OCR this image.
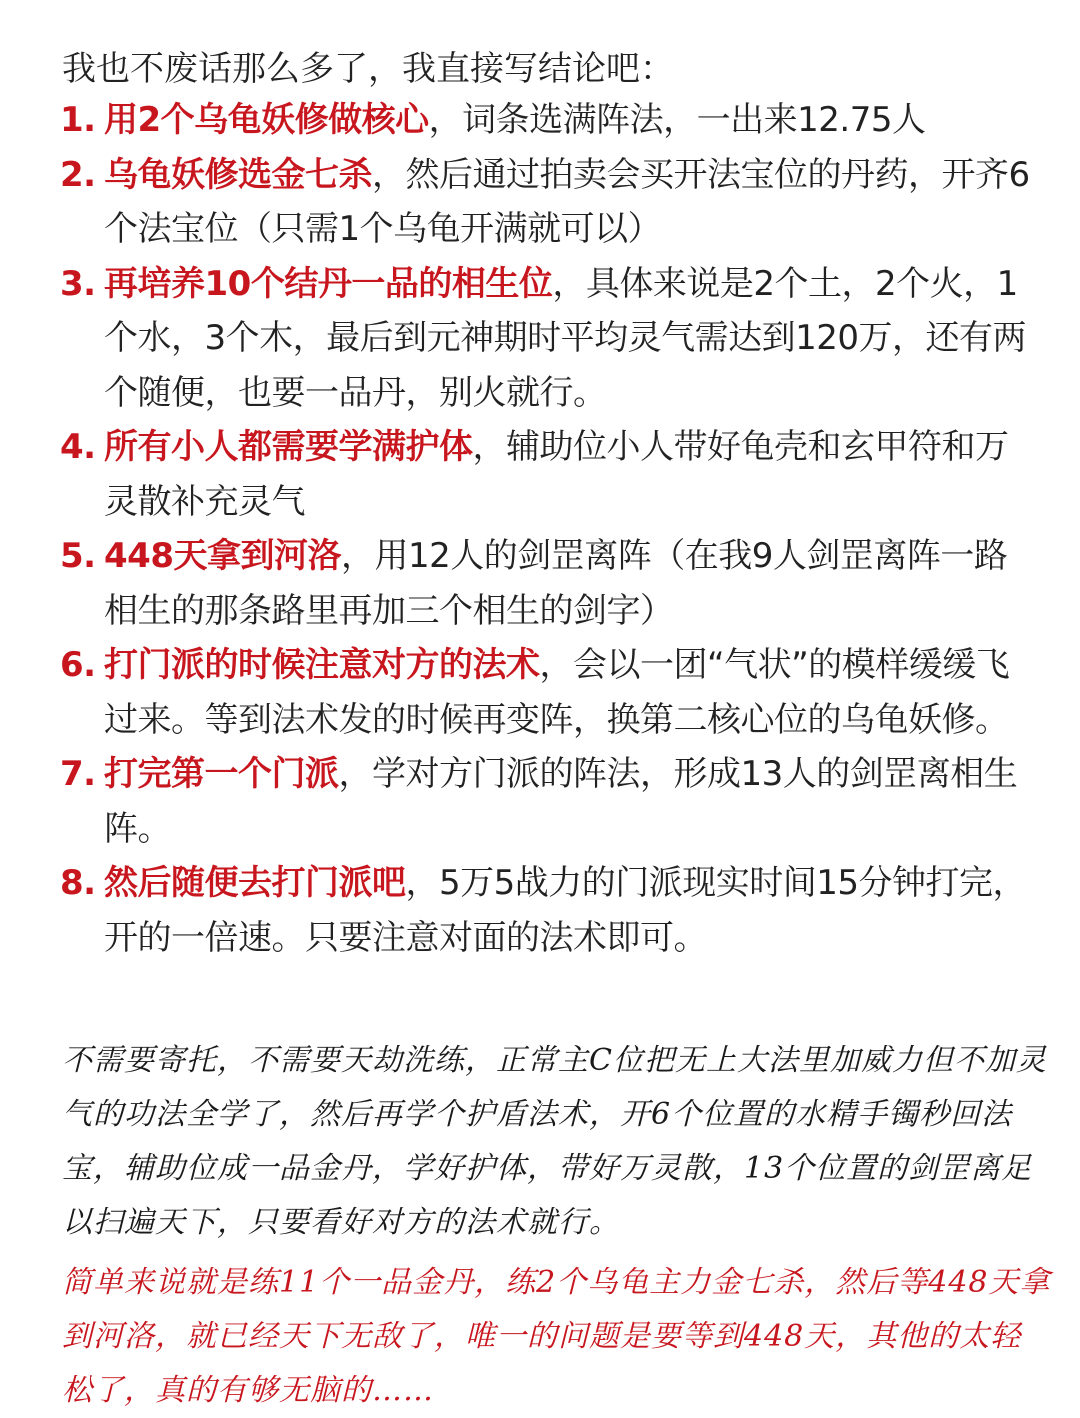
我也不废话那么多了，我直接写结论吧：
1. 用2个乌龟妖修做核心，词条选满阵法，一出来12.75人
2. 乌龟妖修选金七杀，然后通过拍卖会买开法宝位的丹药，开齐6个法宝位（只需1个乌龟开满就可以）
3. 再培养10个结丹一品的相生位，具体来说是2个土，2个火，1个水，3个木，最后到元神期时平均灵气需达到120万，还有两个随便，也要一品丹，别火就行。
4. 所有小人都需要学满护体，辅助位小人带好龟壳和玄甲符和万灵散补充灵气
5. 448天拿到河洛，用12人的剑罡离阵（在我9人剑罡离阵一路相生的那条路里再加三个相生的剑字）
6. 打门派的时候注意对方的法术，会以一团“气状”的模样缓缓飞过来。等到法术发的时候再变阵，换第二核心位的乌龟妖修。
7. 打完第一个门派，学对方门派的阵法，形成13人的剑罡离相生阵。
8. 然后随便去打门派吧，5万5战力的门派现实时间15分钟打完，开的一倍速。只要注意对面的法术即可。

不需要寄托，不需要天劫洗练，正常主C位把无上大法里加威力但不加灵气的功法全学了，然后再学个护盾法术，开6个位置的水精手镯秒回法宝，辅助位成一品金丹，学好护体，带好万灵散，13个位置的剑罡离足以扫遍天下，只要看好对方的法术就行。

简单来说就是练11个一品金丹，练2个乌龟主力金七杀，然后等448天拿到河洛，就已经天下无敌了，唯一的问题是要等到448天，其他的太轻松了，真的有够无脑的……
